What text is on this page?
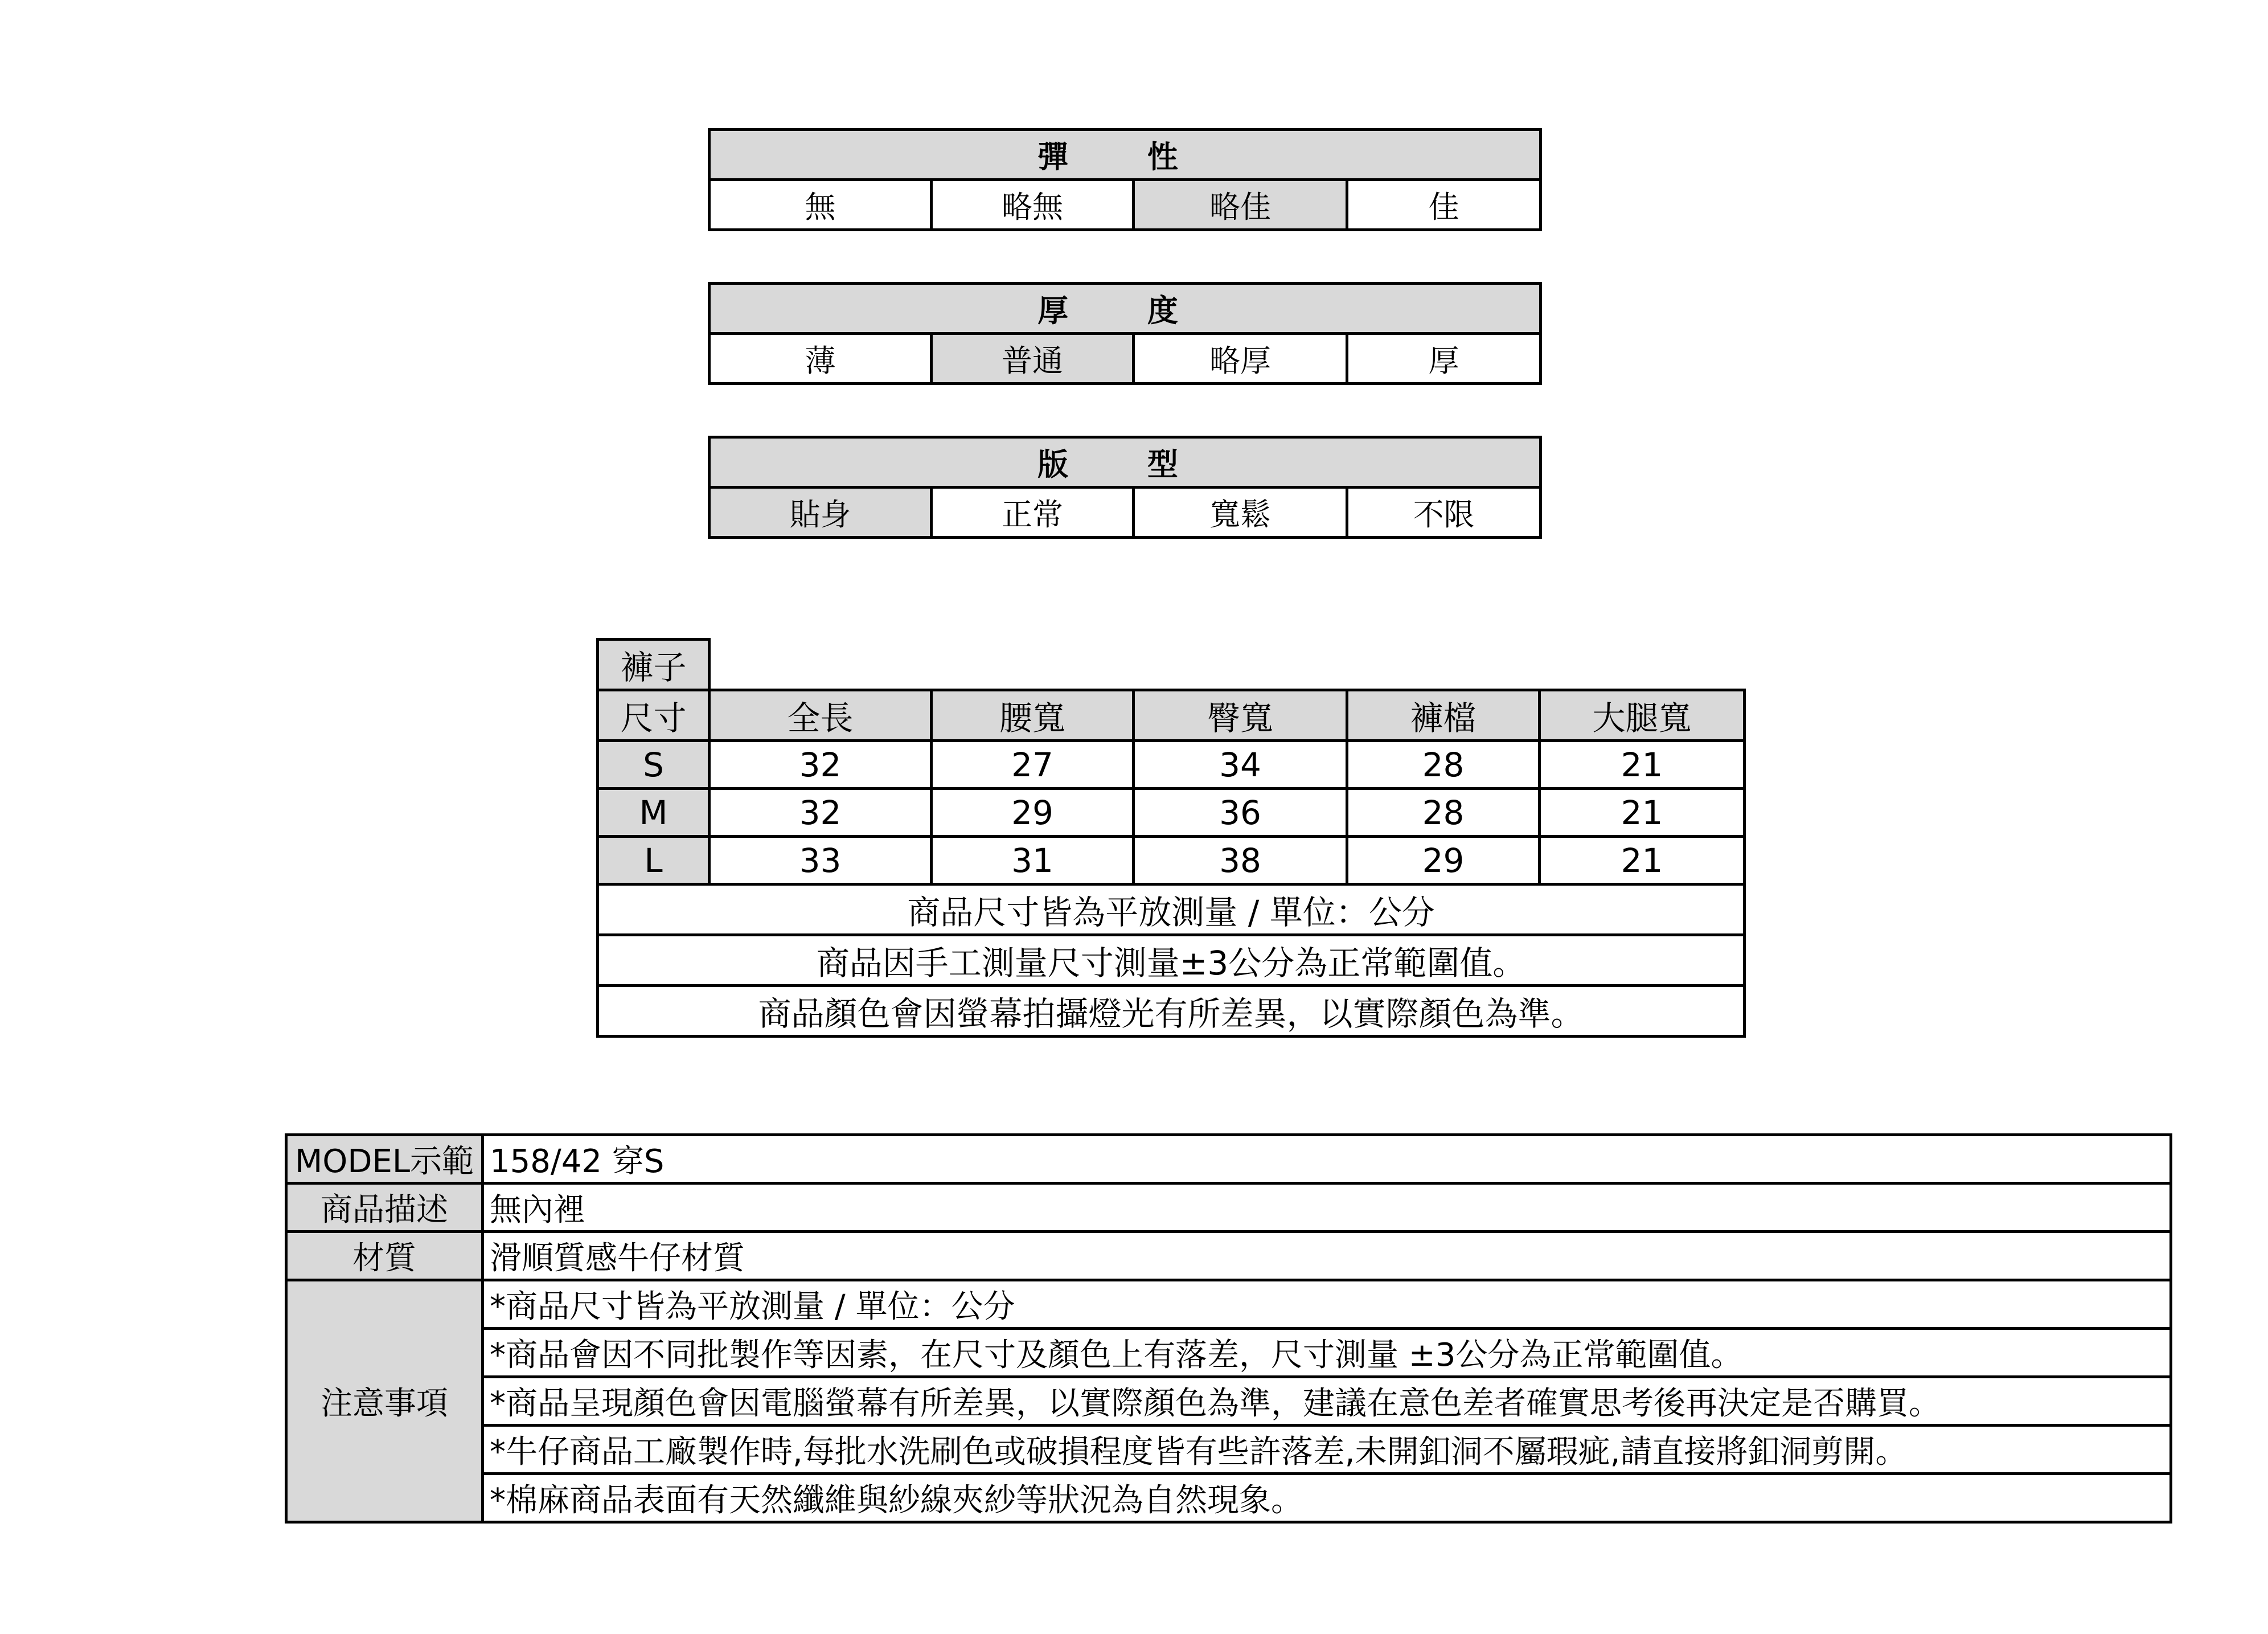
彈 性
無	略無	略佳	佳
厚 度
薄	普通	略厚	厚
版 型
貼身	正常	寬鬆	不限
褲子					
尺寸	全長	腰寬	臀寬	褲檔	大腿寬
S	32	27	34	28	21
M	32	29	36	28	21
L	33	31	38	29	21
商品尺寸皆為平放測量 / 單位：公分					
商品因手工測量尺寸測量±3公分為正常範圍值。					
商品顏色會因螢幕拍攝燈光有所差異，以實際顏色為準。					
MODEL示範	158/42 穿S
商品描述	無內裡
材質	滑順質感牛仔材質
注意事項	*商品尺寸皆為平放測量 / 單位：公分
	*商品會因不同批製作等因素，在尺寸及顏色上有落差，尺寸測量 ±3公分為正常範圍值。
	*商品呈現顏色會因電腦螢幕有所差異，以實際顏色為準，建議在意色差者確實思考後再決定是否購買。
	*牛仔商品工廠製作時,每批水洗刷色或破損程度皆有些許落差,未開釦洞不屬瑕疵,請直接將釦洞剪開。
	*棉麻商品表面有天然纖維與紗線夾紗等狀況為自然現象。
